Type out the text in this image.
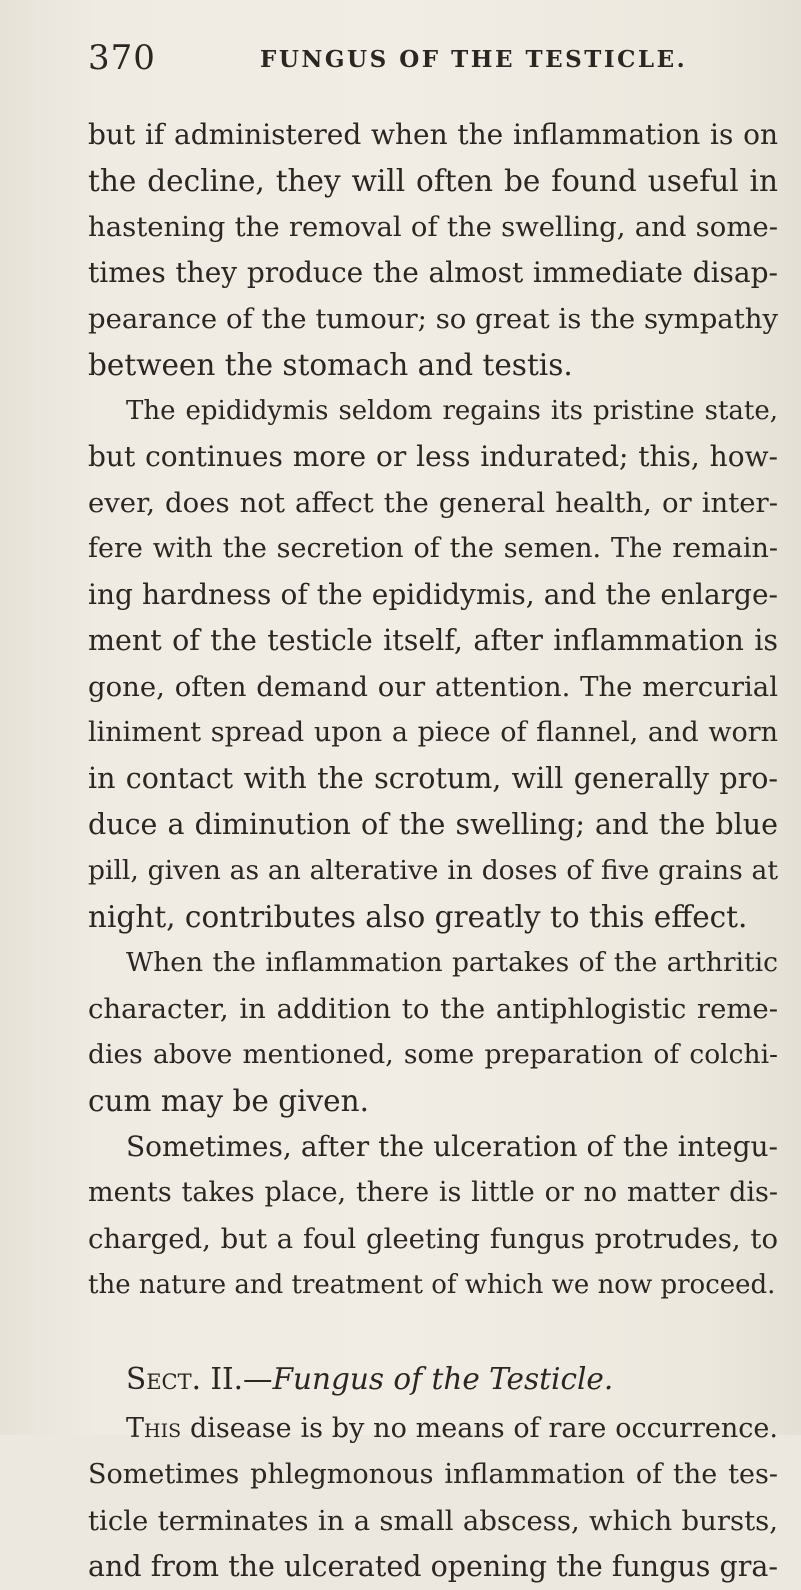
370	FUNGUS OF THE TESTICLE.
but if administered when the inflammation is on
the decline, they will often be found useful in
hastening the removal of the swelling, and some-
times they produce the almost immediate disap-
pearance of the tumour; so great is the sympathy
between the stomach and testis.
The epididymis seldom regains its pristine state,
but continues more or less indurated; this, how-
ever, does not affect the general health, or inter-
fere with the secretion of the semen. The remain-
ing hardness of the epididymis, and the enlarge-
ment of the testicle itself, after inflammation is
gone, often demand our attention. The mercurial
liniment spread upon a piece of flannel, and worn
in contact with the scrotum, will generally pro-
duce a diminution of the swelling; and the blue
pill, given as an alterative in doses of five grains at
night, contributes also greatly to this effect.
When the inflammation partakes of the arthritic
character, in addition to the antiphlogistic reme-
dies above mentioned, some preparation of colchi-
cum may be given.
Sometimes, after the ulceration of the integu-
ments takes place, there is little or no matter dis-
charged, but a foul gleeting fungus protrudes, to
the nature and treatment of which we now proceed.
Sect. II.—Fungus of the Testicle.
This disease is by no means of rare occurrence.
Sometimes phlegmonous inflammation of the tes-
ticle terminates in a small abscess, which bursts,
and from the ulcerated opening the fungus gra-
